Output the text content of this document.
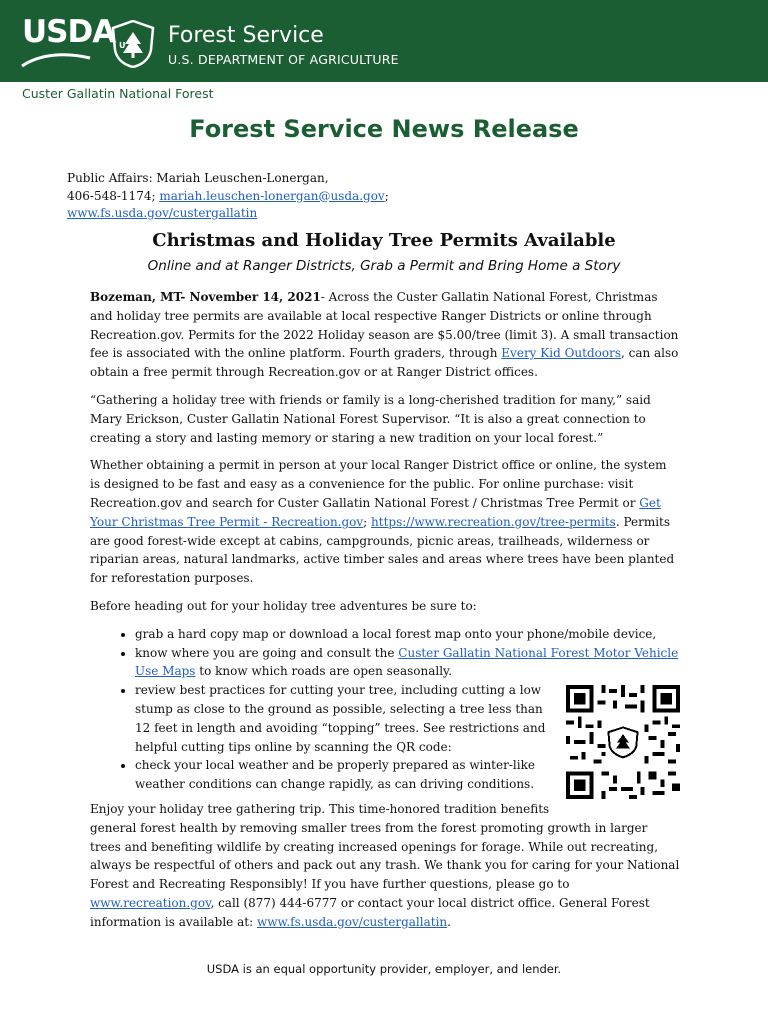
USDA U S Forest Service
U.S. DEPARTMENT OF AGRICULTURE
Custer Gallatin National Forest
Forest Service News Release
Public Affairs: Mariah Leuschen-Lonergan,
406-548-1174; mariah.leuschen-lonergan@usda.gov;
www.fs.usda.gov/custergallatin
Christmas and Holiday Tree Permits Available
Online and at Ranger Districts, Grab a Permit and Bring Home a Story

Bozeman, MT- November 14, 2021- Across the Custer Gallatin National Forest, Christmas and holiday tree permits are available at local respective Ranger Districts or online through Recreation.gov. Permits for the 2022 Holiday season are $5.00/tree (limit 3). A small transaction fee is associated with the online platform. Fourth graders, through Every Kid Outdoors, can also obtain a free permit through Recreation.gov or at Ranger District offices.

“Gathering a holiday tree with friends or family is a long-cherished tradition for many,” said Mary Erickson, Custer Gallatin National Forest Supervisor. “It is also a great connection to creating a story and lasting memory or staring a new tradition on your local forest.”

Whether obtaining a permit in person at your local Ranger District office or online, the system is designed to be fast and easy as a convenience for the public. For online purchase: visit Recreation.gov and search for Custer Gallatin National Forest / Christmas Tree Permit or Get Your Christmas Tree Permit - Recreation.gov; https://www.recreation.gov/tree-permits. Permits are good forest-wide except at cabins, campgrounds, picnic areas, trailheads, wilderness or riparian areas, natural landmarks, active timber sales and areas where trees have been planted for reforestation purposes.

Before heading out for your holiday tree adventures be sure to:

• grab a hard copy map or download a local forest map onto your phone/mobile device,
• know where you are going and consult the Custer Gallatin National Forest Motor Vehicle Use Maps to know which roads are open seasonally.
• review best practices for cutting your tree, including cutting a low stump as close to the ground as possible, selecting a tree less than 12 feet in length and avoiding “topping” trees. See restrictions and helpful cutting tips online by scanning the QR code:
• check your local weather and be properly prepared as winter-like weather conditions can change rapidly, as can driving conditions.

Enjoy your holiday tree gathering trip. This time-honored tradition benefits general forest health by removing smaller trees from the forest promoting growth in larger trees and benefiting wildlife by creating increased openings for forage. While out recreating, always be respectful of others and pack out any trash. We thank you for caring for your National Forest and Recreating Responsibly! If you have further questions, please go to www.recreation.gov, call (877) 444-6777 or contact your local district office. General Forest information is available at: www.fs.usda.gov/custergallatin.

USDA is an equal opportunity provider, employer, and lender.
